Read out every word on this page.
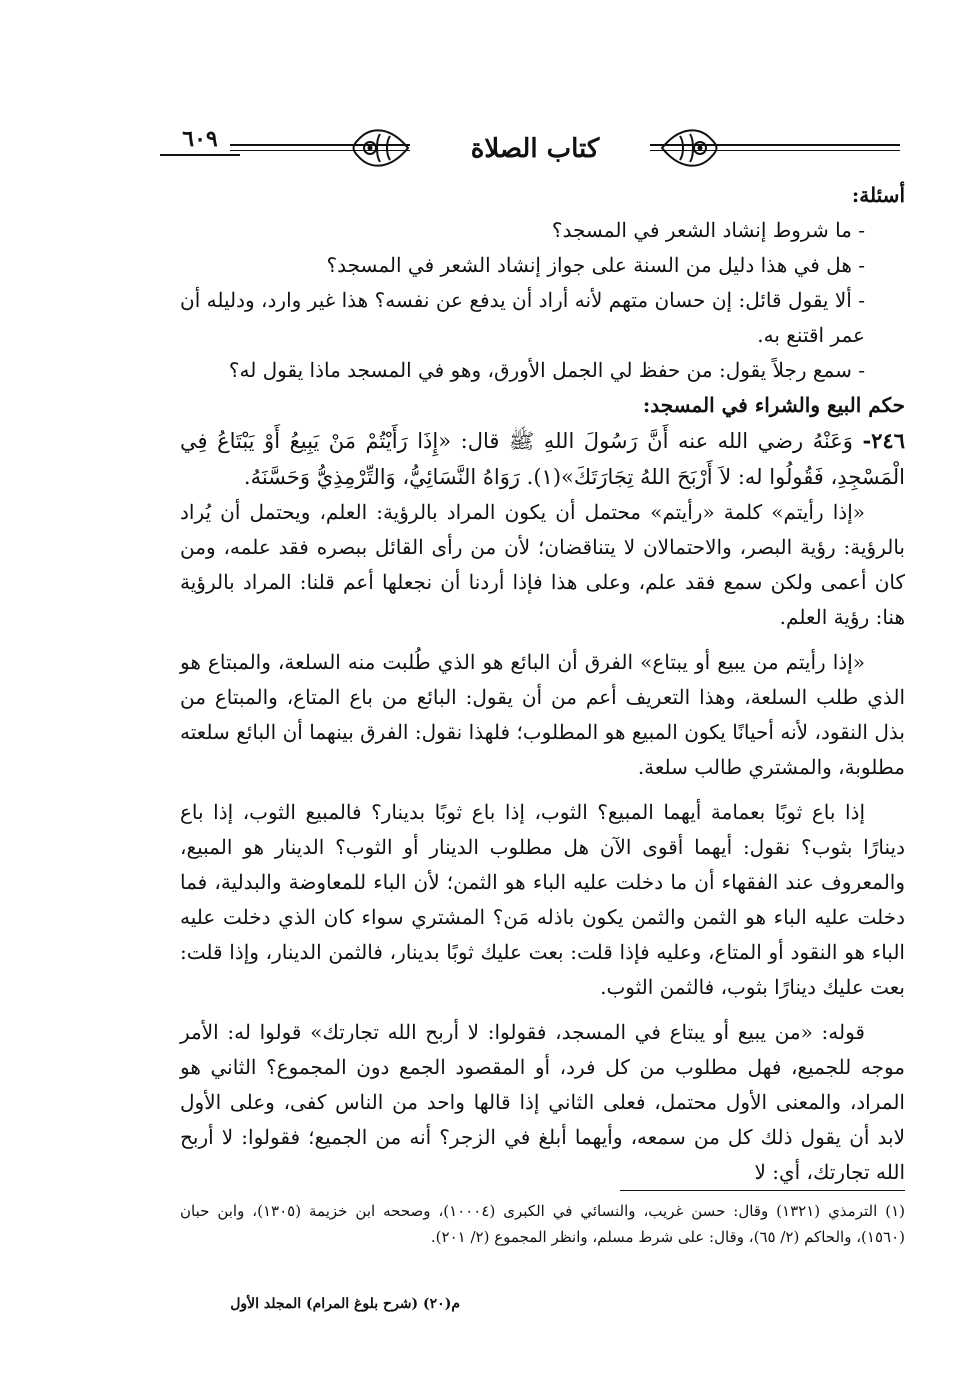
٦٠٩	كتاب الصلاة

أسئلة:

- ما شروط إنشاد الشعر في المسجد؟

- هل في هذا دليل من السنة على جواز إنشاد الشعر في المسجد؟

- ألا يقول قائل: إن حسان متهم لأنه أراد أن يدفع عن نفسه؟ هذا غير وارد، ودليله أن عمر اقتنع به.

- سمع رجلاً يقول: من حفظ لي الجمل الأورق، وهو في المسجد ماذا يقول له؟

حكم البيع والشراء في المسجد:

٢٤٦- وَعَنْهُ رضي الله عنه أَنَّ رَسُولَ اللهِ ﷺ قال: «إِذَا رَأَيْتُمْ مَنْ يَبِيعُ أَوْ يَبْتَاعُ فِي الْمَسْجِدِ، فَقُولُوا له: لاَ أَرْبَحَ اللهُ تِجَارَتَكَ»(١). رَوَاهُ النَّسَائِيُّ، وَالتِّرْمِذِيُّ وَحَسَّنَهُ.

«إذا رأيتم» كلمة «رأيتم» محتمل أن يكون المراد بالرؤية: العلم، ويحتمل أن يُراد بالرؤية: رؤية البصر، والاحتمالان لا يتناقضان؛ لأن من رأى القائل ببصره فقد علمه، ومن كان أعمى ولكن سمع فقد علم، وعلى هذا فإذا أردنا أن نجعلها أعم قلنا: المراد بالرؤية هنا: رؤية العلم.

«إذا رأيتم من يبيع أو يبتاع» الفرق أن البائع هو الذي طُلبت منه السلعة، والمبتاع هو الذي طلب السلعة، وهذا التعريف أعم من أن يقول: البائع من باع المتاع، والمبتاع من بذل النقود، لأنه أحيانًا يكون المبيع هو المطلوب؛ فلهذا نقول: الفرق بينهما أن البائع سلعته مطلوبة، والمشتري طالب سلعة.

إذا باع ثوبًا بعمامة أيهما المبيع؟ الثوب، إذا باع ثوبًا بدينار؟ فالمبيع الثوب، إذا باع دينارًا بثوب؟ نقول: أيهما أقوى الآن هل مطلوب الدينار أو الثوب؟ الدينار هو المبيع، والمعروف عند الفقهاء أن ما دخلت عليه الباء هو الثمن؛ لأن الباء للمعاوضة والبدلية، فما دخلت عليه الباء هو الثمن والثمن يكون باذله مَن؟ المشتري سواء كان الذي دخلت عليه الباء هو النقود أو المتاع، وعليه فإذا قلت: بعت عليك ثوبًا بدينار، فالثمن الدينار، وإذا قلت: بعت عليك دينارًا بثوب، فالثمن الثوب.

قوله: «من يبيع أو يبتاع في المسجد، فقولوا: لا أربح الله تجارتك» قولوا له: الأمر موجه للجميع، فهل مطلوب من كل فرد، أو المقصود الجمع دون المجموع؟ الثاني هو المراد، والمعنى الأول محتمل، فعلى الثاني إذا قالها واحد من الناس كفى، وعلى الأول لابد أن يقول ذلك كل من سمعه، وأيهما أبلغ في الزجر؟ أنه من الجميع؛ فقولوا: لا أربح الله تجارتك، أي: لا

(١) الترمذي (١٣٢١) وقال: حسن غريب، والنسائي في الكبرى (١٠٠٠٤)، وصححه ابن خزيمة (١٣٠٥)، وابن حبان (١٥٦٠)، والحاكم (٢/ ٦٥)، وقال: على شرط مسلم، وانظر المجموع (٢/ ٢٠١).

م(٢٠) (شرح بلوغ المرام) المجلد الأول
